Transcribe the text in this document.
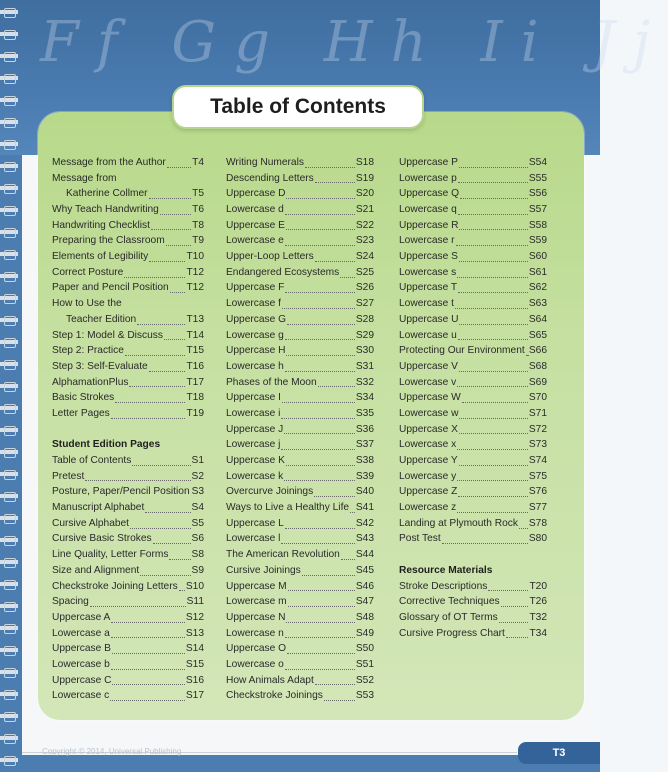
Ff Gg Hh Ii Jj
Table of Contents
Message from the Author	T4
Message from
Katherine Collmer	T5
Why Teach Handwriting	T6
Handwriting Checklist	T8
Preparing the Classroom	T9
Elements of Legibility	T10
Correct Posture	T12
Paper and Pencil Position T12
How to Use the
Teacher Edition	T13
Step 1: Model & Discuss T14
Step 2: Practice	T15
Step 3: Self-Evaluate	T16
AlphamationPlus	T17
Basic Strokes	T18
Letter Pages	T19
Student Edition Pages
Table of Contents	S1
Pretest	S2
Posture, Paper/Pencil Position S3
Manuscript Alphabet	S4
Cursive Alphabet	S5
Cursive Basic Strokes	S6
Line Quality, Letter Forms S8
Size and Alignment	S9
Checkstroke Joining Letters S10
Spacing	S11
Uppercase A	S12
Lowercase a	S13
Uppercase B	S14
Lowercase b	S15
Uppercase C	S16
Lowercase c	S17
Writing Numerals	S18
Descending Letters	S19
Uppercase D	S20
Lowercase d	S21
Uppercase E	S22
Lowercase e	S23
Upper-Loop Letters	S24
Endangered Ecosystems S25
Uppercase F	S26
Lowercase f	S27
Uppercase G	S28
Lowercase g	S29
Uppercase H	S30
Lowercase h	S31
Phases of the Moon	S32
Uppercase I	S34
Lowercase i	S35
Uppercase J	S36
Lowercase j	S37
Uppercase K	S38
Lowercase k	S39
Overcurve Joinings	S40
Ways to Live a Healthy Life S41
Uppercase L	S42
Lowercase l	S43
The American Revolution S44
Cursive Joinings	S45
Uppercase M	S46
Lowercase m	S47
Uppercase N	S48
Lowercase n	S49
Uppercase O	S50
Lowercase o	S51
How Animals Adapt	S52
Checkstroke Joinings	S53
Uppercase P	S54
Lowercase p	S55
Uppercase Q	S56
Lowercase q	S57
Uppercase R	S58
Lowercase r	S59
Uppercase S	S60
Lowercase s	S61
Uppercase T	S62
Lowercase t	S63
Uppercase U	S64
Lowercase u	S65
Protecting Our Environment S66
Uppercase V	S68
Lowercase v	S69
Uppercase W	S70
Lowercase w	S71
Uppercase X	S72
Lowercase x	S73
Uppercase Y	S74
Lowercase y	S75
Uppercase Z	S76
Lowercase z	S77
Landing at Plymouth Rock S78
Post Test	S80
Resource Materials
Stroke Descriptions	T20
Corrective Techniques	T26
Glossary of OT Terms	T32
Cursive Progress Chart T34
Copyright © 2014, Universal Publishing	T3
